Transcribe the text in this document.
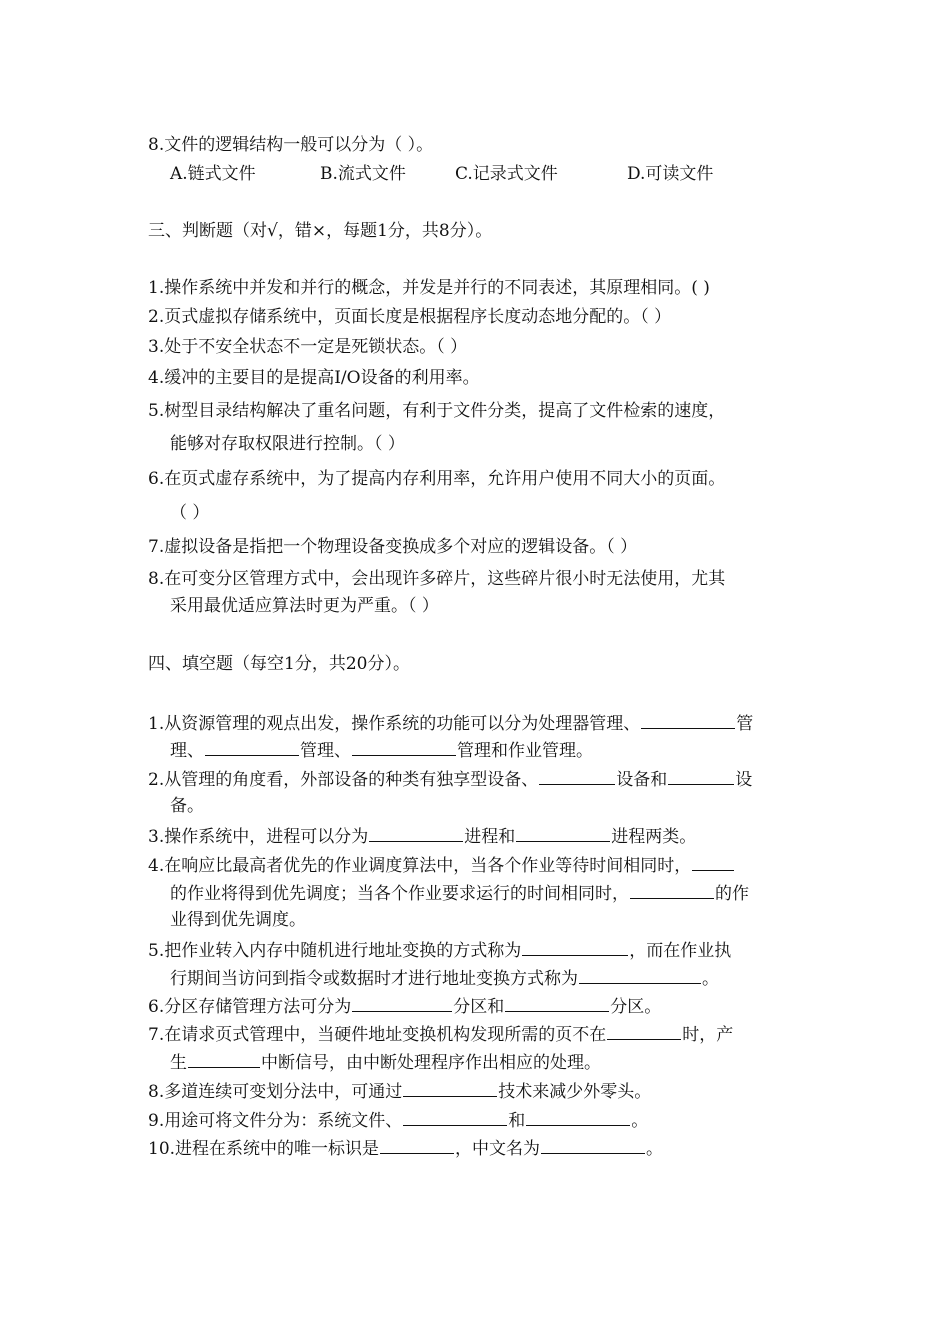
8.文件的逻辑结构一般可以分为（ ）。
A.链式文件	B.流式文件	C.记录式文件	D.可读文件
三、判断题（对√，错×，每题1分，共8分）。
1.操作系统中并发和并行的概念，并发是并行的不同表述，其原理相同。( )
2.页式虚拟存储系统中，页面长度是根据程序长度动态地分配的。（ ）
3.处于不安全状态不一定是死锁状态。（ ）
4.缓冲的主要目的是提高I/O设备的利用率。
5.树型目录结构解决了重名问题，有利于文件分类，提高了文件检索的速度，
能够对存取权限进行控制。（ ）
6.在页式虚存系统中，为了提高内存利用率，允许用户使用不同大小的页面。
（ ）
7.虚拟设备是指把一个物理设备变换成多个对应的逻辑设备。（ ）
8.在可变分区管理方式中，会出现许多碎片，这些碎片很小时无法使用，尤其
采用最优适应算法时更为严重。（ ）
四、填空题（每空1分，共20分）。
1.从资源管理的观点出发，操作系统的功能可以分为处理器管理、	管
理、	管理、	管理和作业管理。
2.从管理的角度看，外部设备的种类有独享型设备、	设备和	设
备。
3.操作系统中，进程可以分为	进程和	进程两类。
4.在响应比最高者优先的作业调度算法中，当各个作业等待时间相同时，
的作业将得到优先调度；当各个作业要求运行的时间相同时，	的作
业得到优先调度。
5.把作业转入内存中随机进行地址变换的方式称为	，而在作业执
行期间当访问到指令或数据时才进行地址变换方式称为	。
6.分区存储管理方法可分为	分区和	分区。
7.在请求页式管理中，当硬件地址变换机构发现所需的页不在	时，产
生	中断信号，由中断处理程序作出相应的处理。
8.多道连续可变划分法中，可通过	技术来减少外零头。
9.用途可将文件分为：系统文件、	和	。
10.进程在系统中的唯一标识是	，中文名为	。
